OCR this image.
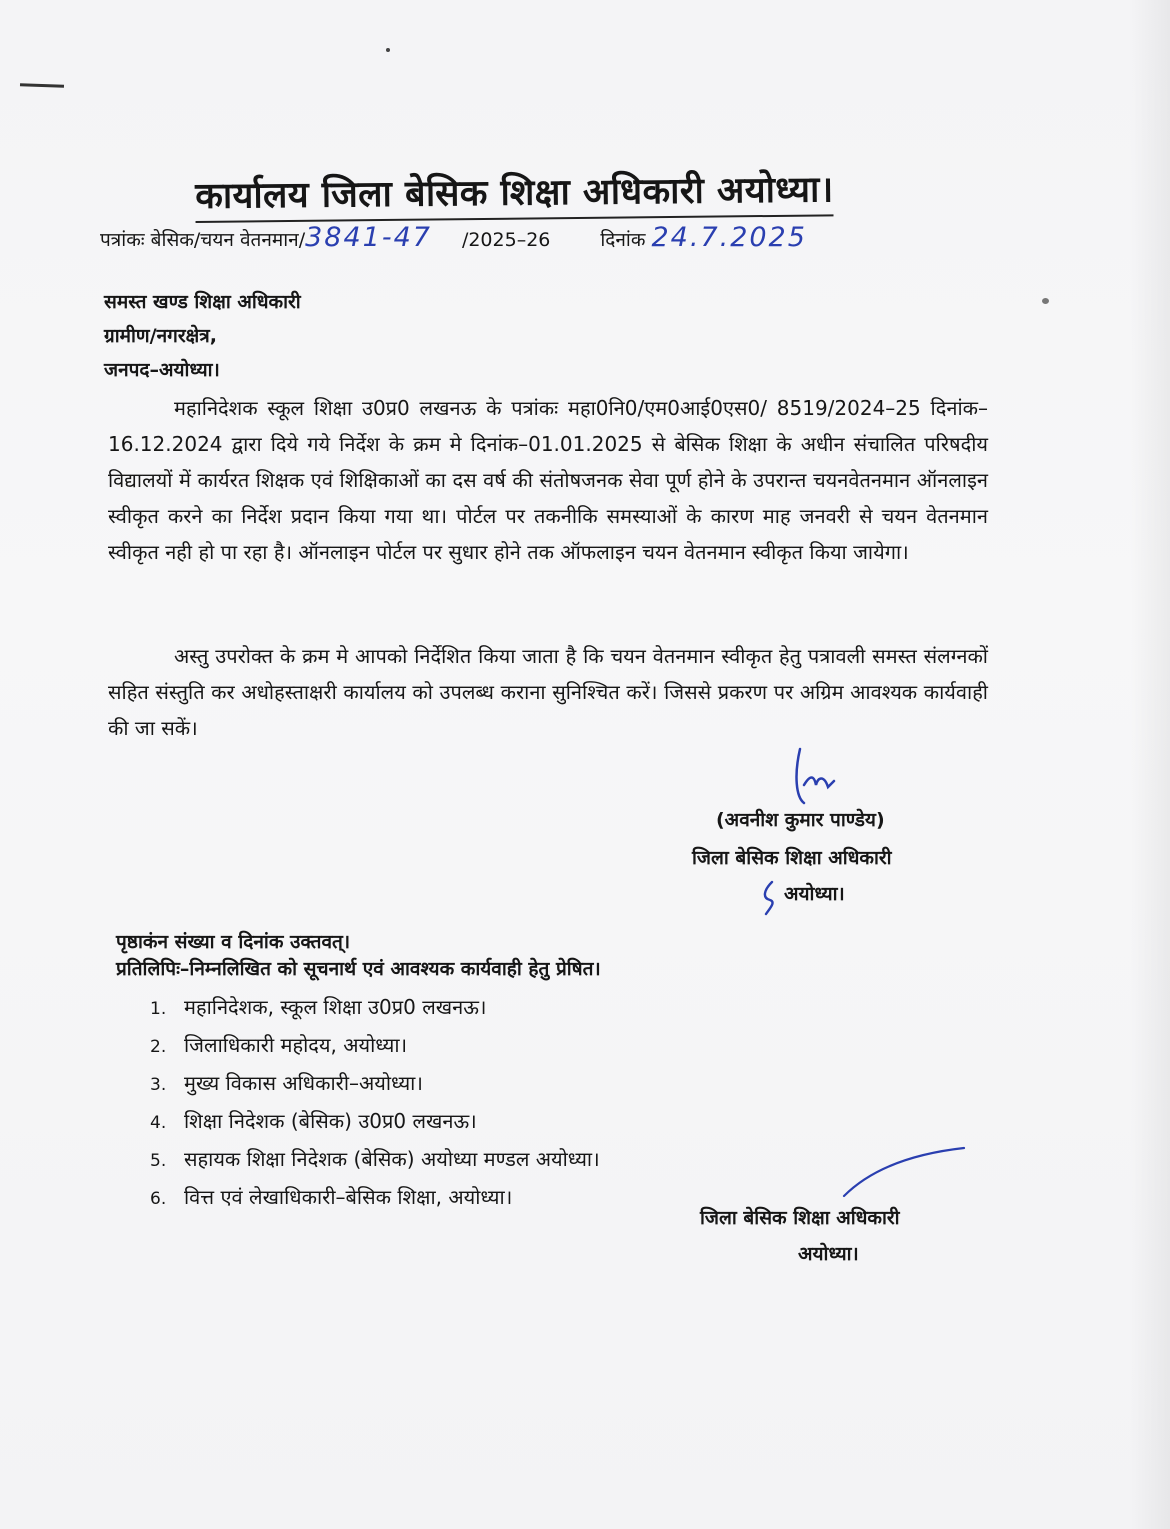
कार्यालय जिला बेसिक शिक्षा अधिकारी अयोध्या।
पत्रांकः बेसिक/चयन वेतनमान/3841-47 /2025–26	दिनांक 24.7.2025
समस्त खण्ड शिक्षा अधिकारी
ग्रामीण/नगरक्षेत्र,
जनपद–अयोध्या।

महानिदेशक स्कूल शिक्षा उ0प्र0 लखनऊ के पत्रांकः महा0नि0/एम0आई0एस0/ 8519/2024–25 दिनांक–16.12.2024 द्वारा दिये गये निर्देश के क्रम मे दिनांक–01.01.2025 से बेसिक शिक्षा के अधीन संचालित परिषदीय विद्यालयों में कार्यरत शिक्षक एवं शिक्षिकाओं का दस वर्ष की संतोषजनक सेवा पूर्ण होने के उपरान्त चयनवेतनमान ऑनलाइन स्वीकृत करने का निर्देश प्रदान किया गया था। पोर्टल पर तकनीकि समस्याओं के कारण माह जनवरी से चयन वेतनमान स्वीकृत नही हो पा रहा है। ऑनलाइन पोर्टल पर सुधार होने तक ऑफलाइन चयन वेतनमान स्वीकृत किया जायेगा।

अस्तु उपरोक्त के क्रम मे आपको निर्देशित किया जाता है कि चयन वेतनमान स्वीकृत हेतु पत्रावली समस्त संलग्नकों सहित संस्तुति कर अधोहस्ताक्षरी कार्यालय को उपलब्ध कराना सुनिश्चित करें। जिससे प्रकरण पर अग्रिम आवश्यक कार्यवाही की जा सकें।

(अवनीश कुमार पाण्डेय)
जिला बेसिक शिक्षा अधिकारी
अयोध्या।
पृष्ठाकंन संख्या व दिनांक उक्तवत्।
प्रतिलिपिः–निम्नलिखित को सूचनार्थ एवं आवश्यक कार्यवाही हेतु प्रेषित।
1. महानिदेशक, स्कूल शिक्षा उ0प्र0 लखनऊ।
2. जिलाधिकारी महोदय, अयोध्या।
3. मुख्य विकास अधिकारी–अयोध्या।
4. शिक्षा निदेशक (बेसिक) उ0प्र0 लखनऊ।
5. सहायक शिक्षा निदेशक (बेसिक) अयोध्या मण्डल अयोध्या।
6. वित्त एवं लेखाधिकारी–बेसिक शिक्षा, अयोध्या।
जिला बेसिक शिक्षा अधिकारी
अयोध्या।
